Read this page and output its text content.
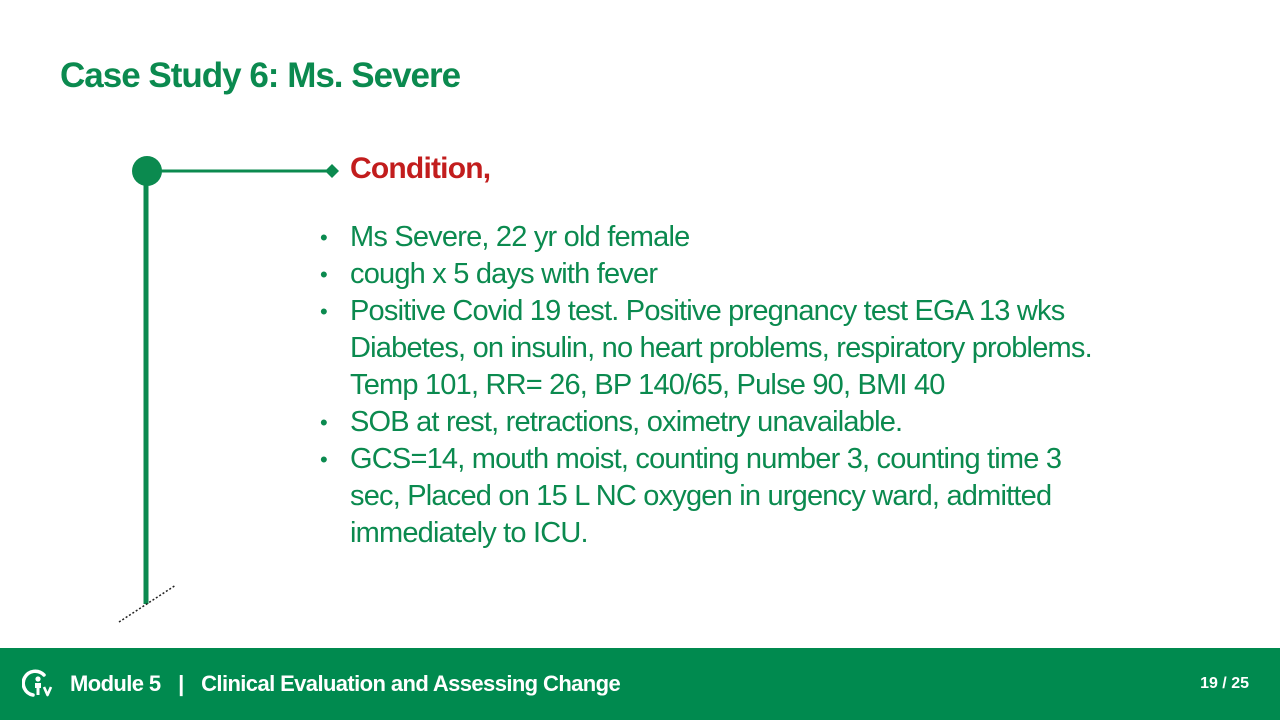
Case Study 6: Ms. Severe
Condition,
• Ms Severe, 22 yr old female
• cough x 5 days with fever
• Positive Covid 19 test. Positive pregnancy test EGA 13 wks Diabetes, on insulin, no heart problems, respiratory problems. Temp 101, RR= 26, BP 140/65, Pulse 90, BMI 40
• SOB at rest, retractions, oximetry unavailable.
• GCS=14, mouth moist, counting number 3, counting time 3 sec, Placed on 15 L NC oxygen in urgency ward, admitted immediately to ICU.
Module 5 | Clinical Evaluation and Assessing Change	19 / 25
